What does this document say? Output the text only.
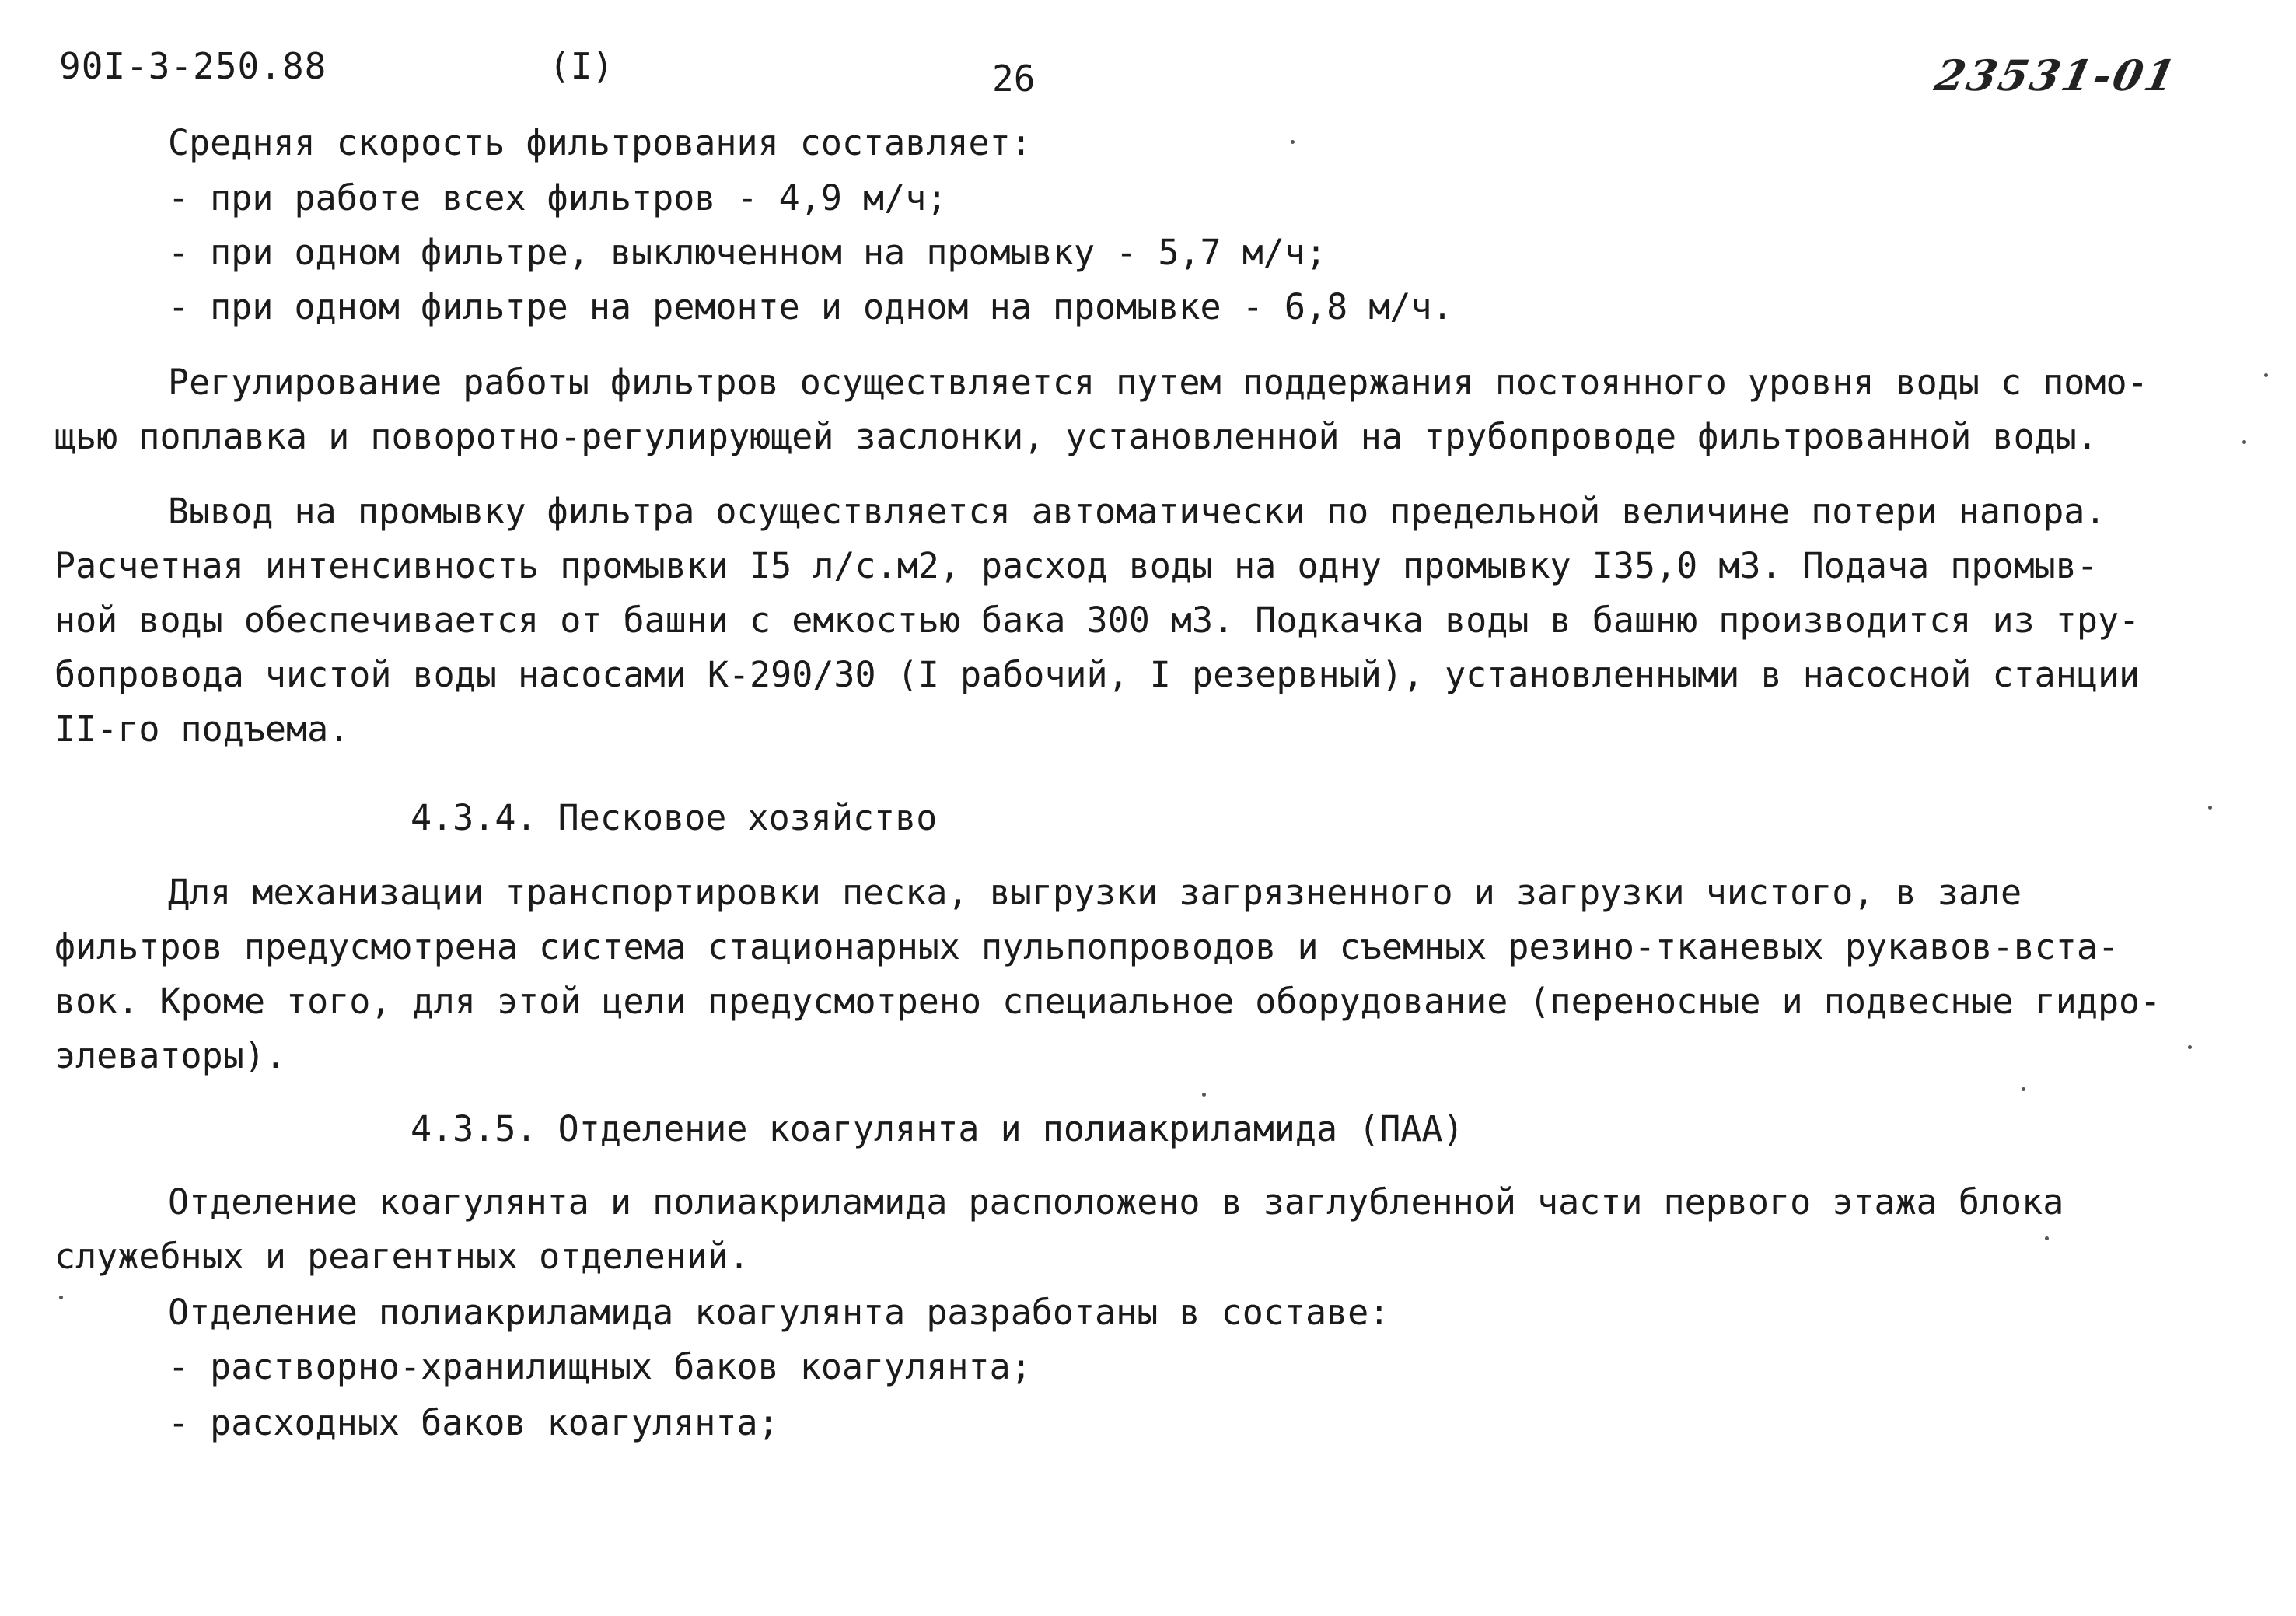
90I-3-250.88	(I)	26	23531-01
Средняя скорость фильтрования составляет:
- при работе всех фильтров - 4,9 м/ч;
- при одном фильтре, выключенном на промывку - 5,7 м/ч;
- при одном фильтре на ремонте и одном на промывке - 6,8 м/ч.
Регулирование работы фильтров осуществляется путем поддержания постоянного уровня воды с помо-
щью поплавка и поворотно-регулирующей заслонки, установленной на трубопроводе фильтрованной воды.
Вывод на промывку фильтра осуществляется автоматически по предельной величине потери напора.
Расчетная интенсивность промывки I5 л/с.м2, расход воды на одну промывку I35,0 м3. Подача промыв-
ной воды обеспечивается от башни с емкостью бака 300 м3. Подкачка воды в башню производится из тру-
бопровода чистой воды насосами К-290/30 (I рабочий, I резервный), установленными в насосной станции
II-го подъема.
4.3.4. Песковое хозяйство
Для механизации транспортировки песка, выгрузки загрязненного и загрузки чистого, в зале
фильтров предусмотрена система стационарных пульпопроводов и съемных резино-тканевых рукавов-вста-
вок. Кроме того, для этой цели предусмотрено специальное оборудование (переносные и подвесные гидро-
элеваторы).
4.3.5. Отделение коагулянта и полиакриламида (ПАА)
Отделение коагулянта и полиакриламида расположено в заглубленной части первого этажа блока
служебных и реагентных отделений.
Отделение полиакриламида коагулянта разработаны в составе:
- растворно-хранилищных баков коагулянта;
- расходных баков коагулянта;
